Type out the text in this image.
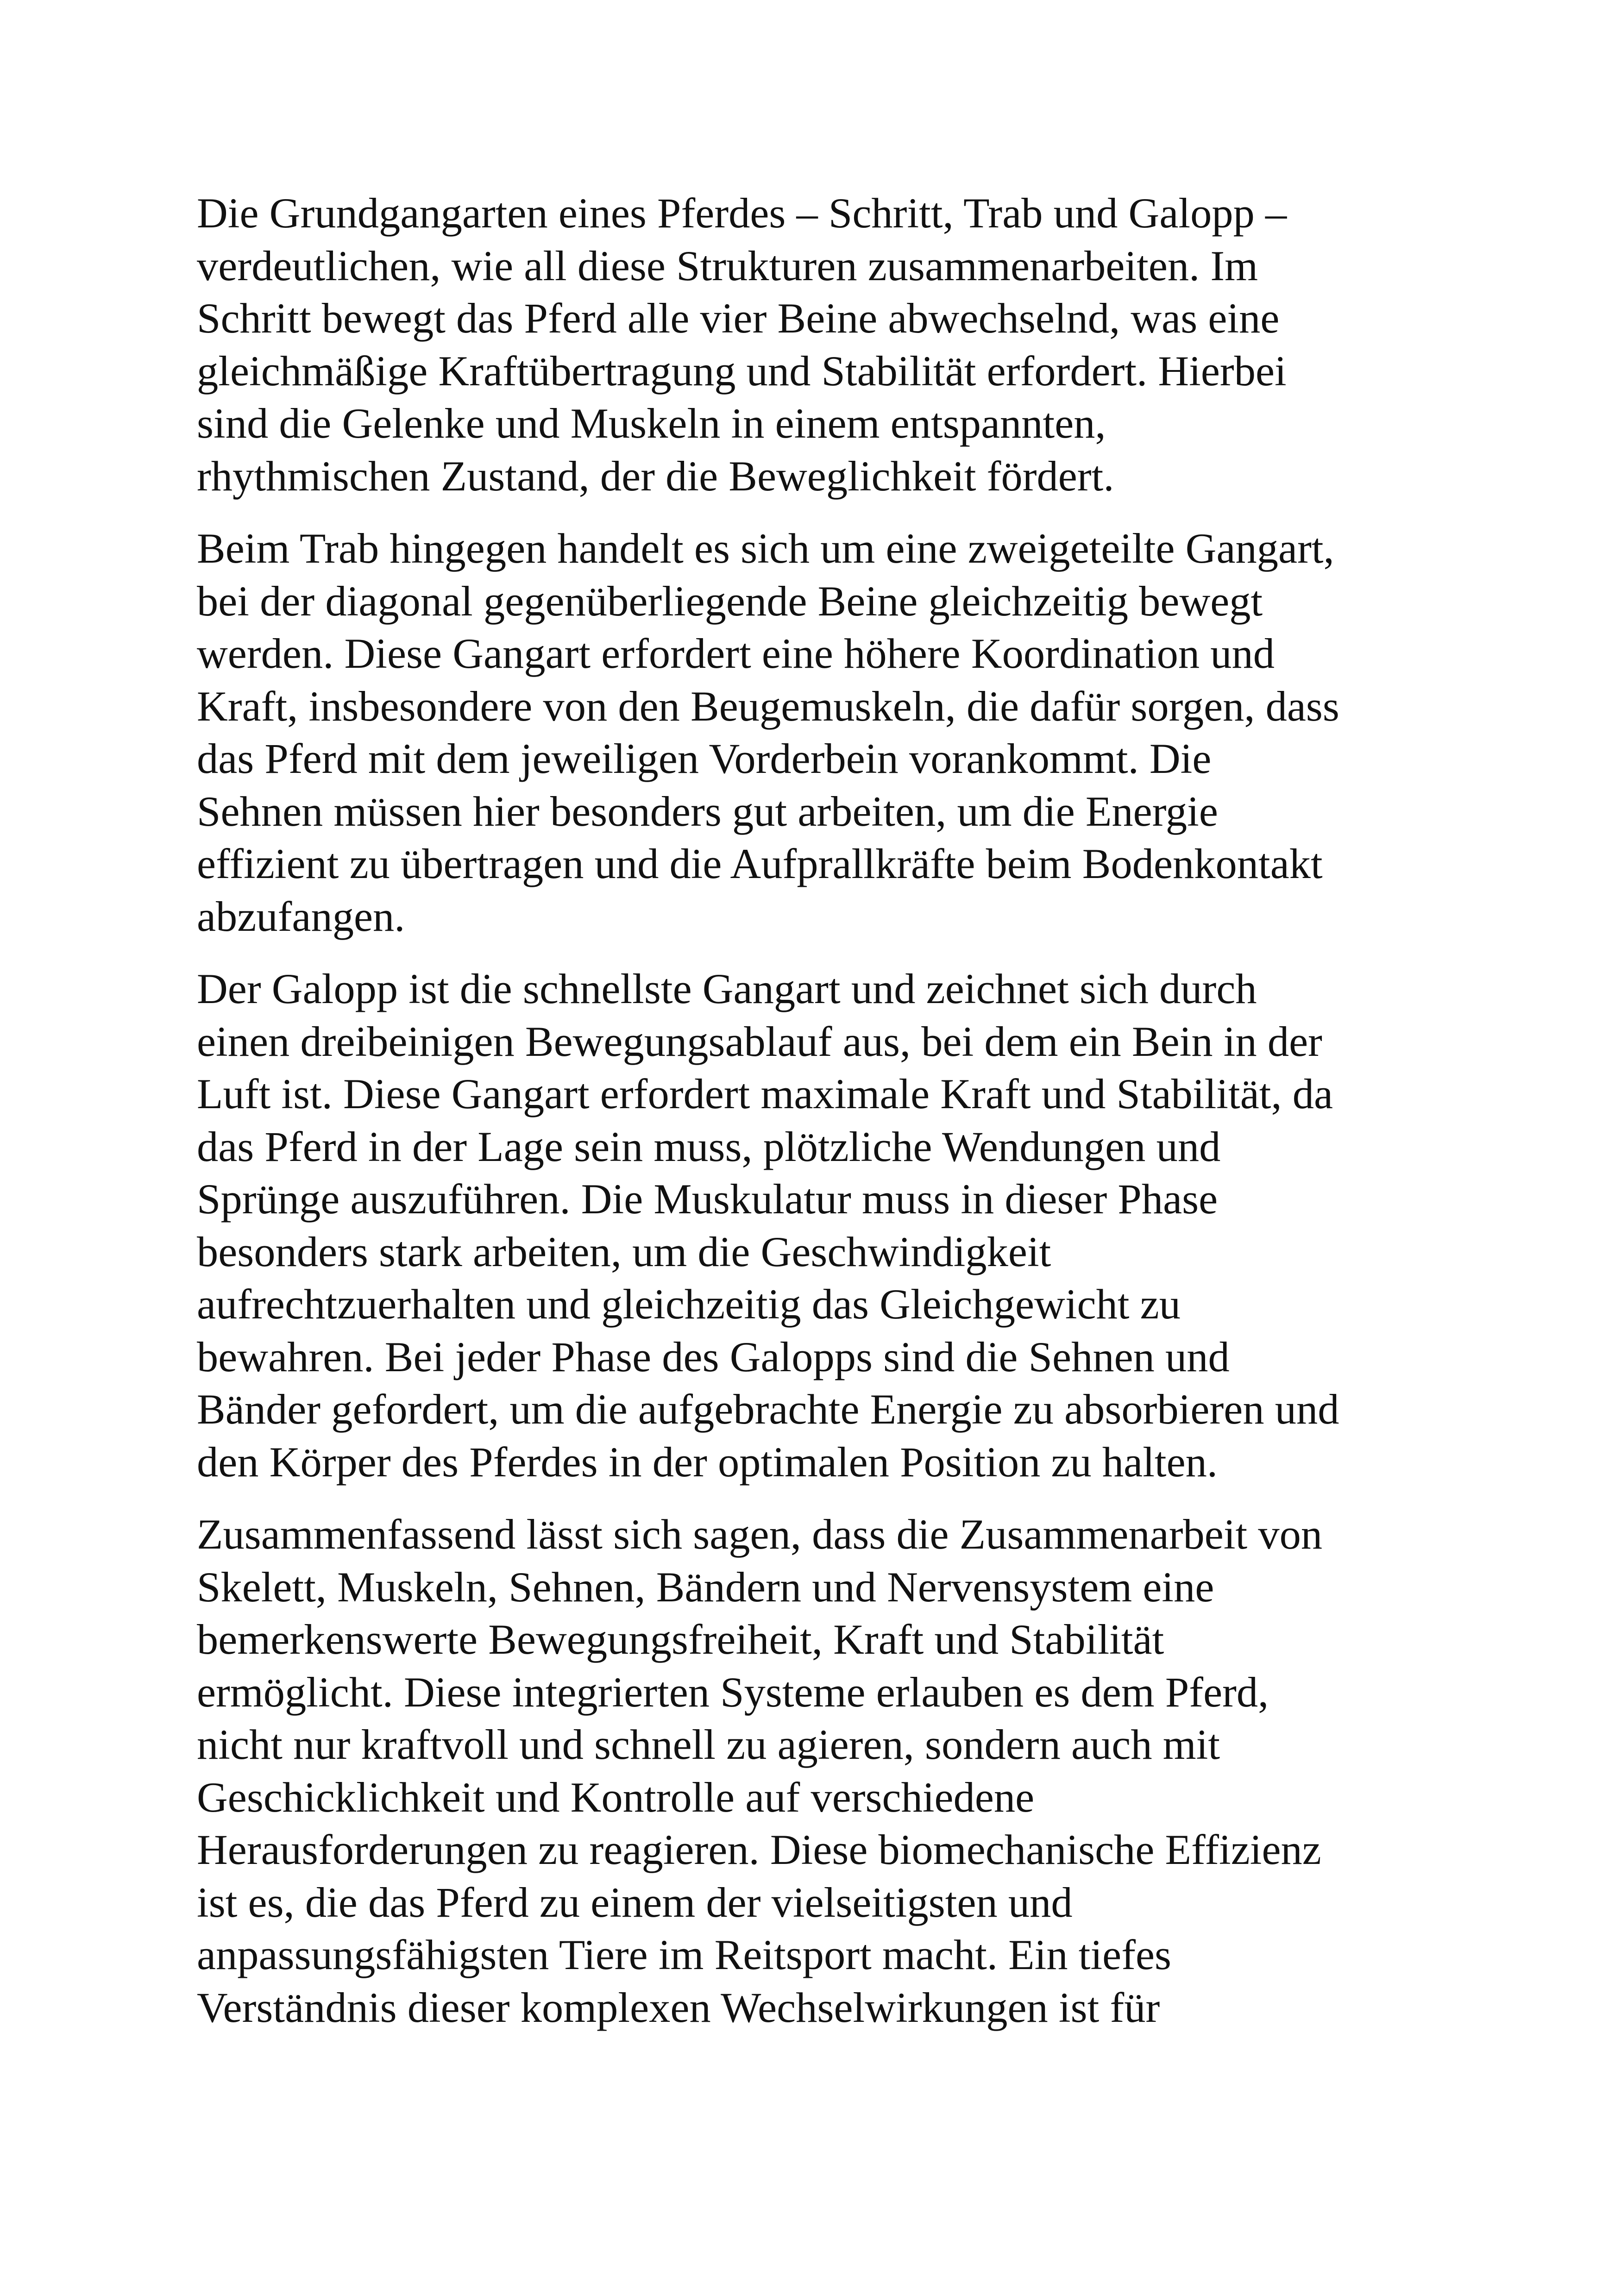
Die Grundgangarten eines Pferdes – Schritt, Trab und Galopp –
verdeutlichen, wie all diese Strukturen zusammenarbeiten. Im
Schritt bewegt das Pferd alle vier Beine abwechselnd, was eine
gleichmäßige Kraftübertragung und Stabilität erfordert. Hierbei
sind die Gelenke und Muskeln in einem entspannten,
rhythmischen Zustand, der die Beweglichkeit fördert.

Beim Trab hingegen handelt es sich um eine zweigeteilte Gangart,
bei der diagonal gegenüberliegende Beine gleichzeitig bewegt
werden. Diese Gangart erfordert eine höhere Koordination und
Kraft, insbesondere von den Beugemuskeln, die dafür sorgen, dass
das Pferd mit dem jeweiligen Vorderbein vorankommt. Die
Sehnen müssen hier besonders gut arbeiten, um die Energie
effizient zu übertragen und die Aufprallkräfte beim Bodenkontakt
abzufangen.

Der Galopp ist die schnellste Gangart und zeichnet sich durch
einen dreibeinigen Bewegungsablauf aus, bei dem ein Bein in der
Luft ist. Diese Gangart erfordert maximale Kraft und Stabilität, da
das Pferd in der Lage sein muss, plötzliche Wendungen und
Sprünge auszuführen. Die Muskulatur muss in dieser Phase
besonders stark arbeiten, um die Geschwindigkeit
aufrechtzuerhalten und gleichzeitig das Gleichgewicht zu
bewahren. Bei jeder Phase des Galopps sind die Sehnen und
Bänder gefordert, um die aufgebrachte Energie zu absorbieren und
den Körper des Pferdes in der optimalen Position zu halten.

Zusammenfassend lässt sich sagen, dass die Zusammenarbeit von
Skelett, Muskeln, Sehnen, Bändern und Nervensystem eine
bemerkenswerte Bewegungsfreiheit, Kraft und Stabilität
ermöglicht. Diese integrierten Systeme erlauben es dem Pferd,
nicht nur kraftvoll und schnell zu agieren, sondern auch mit
Geschicklichkeit und Kontrolle auf verschiedene
Herausforderungen zu reagieren. Diese biomechanische Effizienz
ist es, die das Pferd zu einem der vielseitigsten und
anpassungsfähigsten Tiere im Reitsport macht. Ein tiefes
Verständnis dieser komplexen Wechselwirkungen ist für
